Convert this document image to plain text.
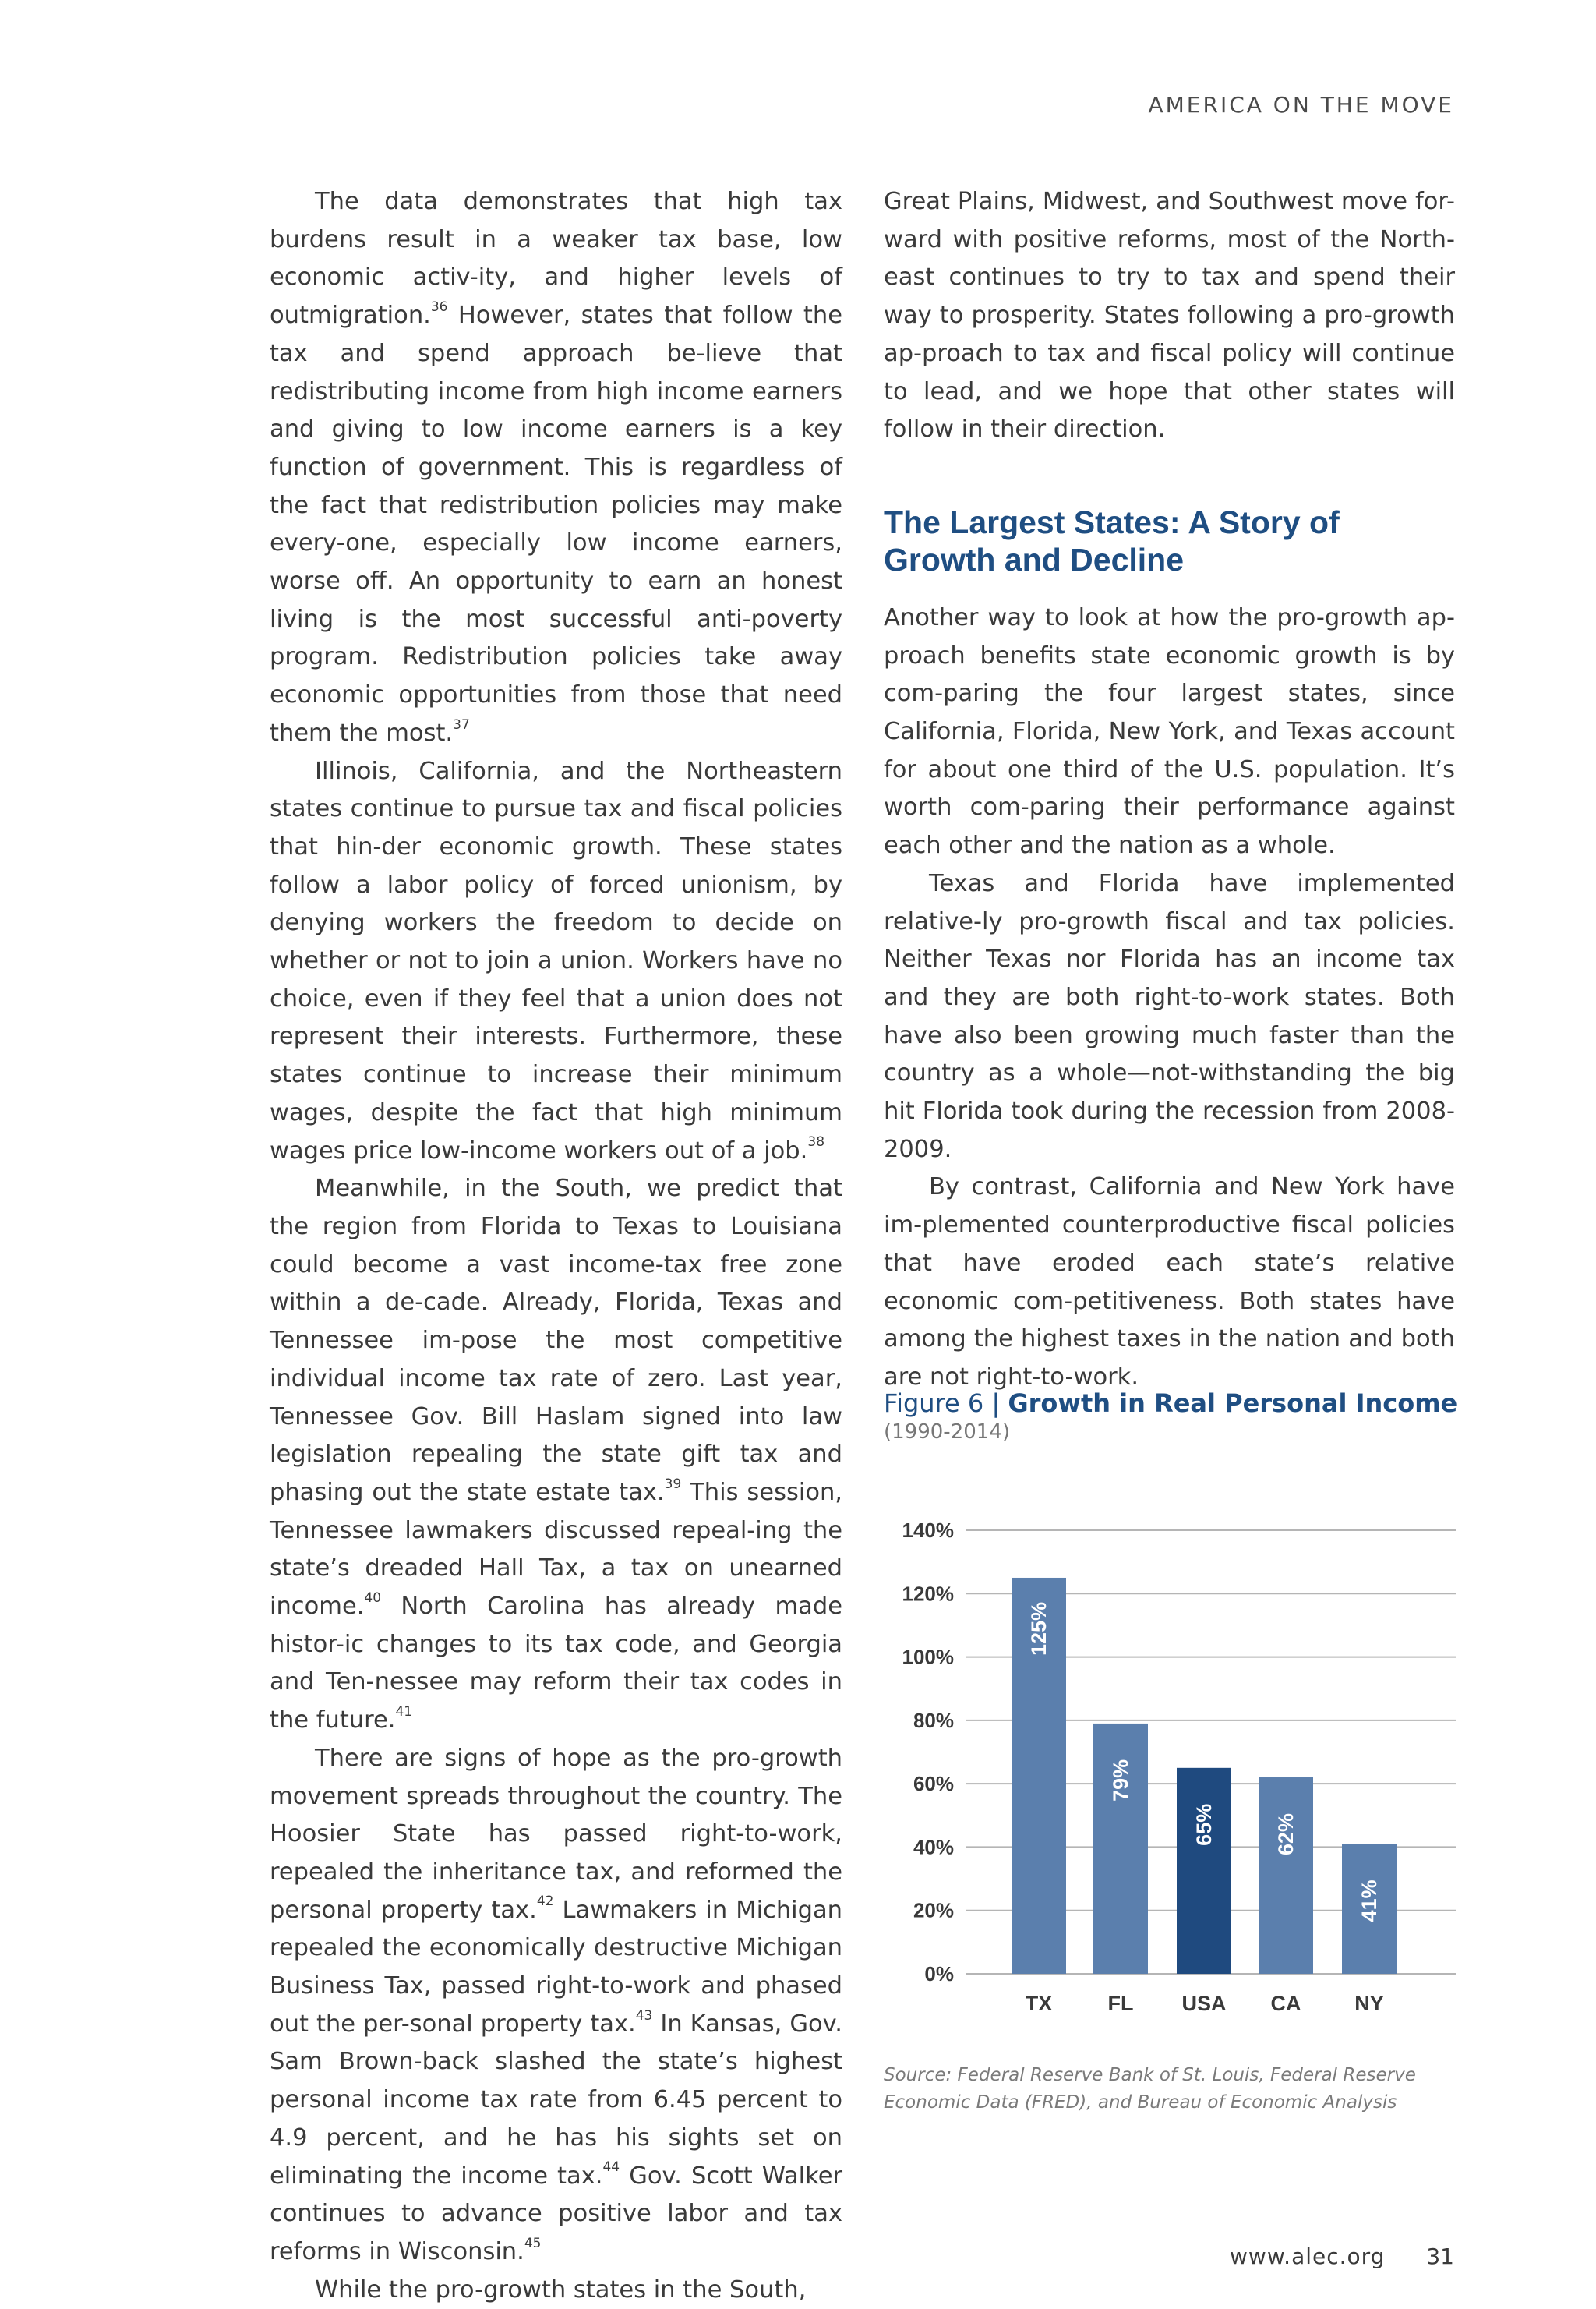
AMERICA ON THE MOVE

The data demonstrates that high tax burdens result in a weaker tax base, low economic activ-ity, and higher levels of outmigration.$^{36}$ However, states that follow the tax and spend approach be-lieve that redistributing income from high income earners and giving to low income earners is a key function of government. This is regardless of the fact that redistribution policies may make every-one, especially low income earners, worse off. An opportunity to earn an honest living is the most successful anti-poverty program. Redistribution policies take away economic opportunities from those that need them the most.$^{37}$

Illinois, California, and the Northeastern states continue to pursue tax and fiscal policies that hin-der economic growth. These states follow a labor policy of forced unionism, by denying workers the freedom to decide on whether or not to join a union. Workers have no choice, even if they feel that a union does not represent their interests. Furthermore, these states continue to increase their minimum wages, despite the fact that high minimum wages price low-income workers out of a job.$^{38}$

Meanwhile, in the South, we predict that the region from Florida to Texas to Louisiana could become a vast income-tax free zone within a de-cade. Already, Florida, Texas and Tennessee im-pose the most competitive individual income tax rate of zero. Last year, Tennessee Gov. Bill Haslam signed into law legislation repealing the state gift tax and phasing out the state estate tax.$^{39}$ This session, Tennessee lawmakers discussed repeal-ing the state’s dreaded Hall Tax, a tax on unearned income.$^{40}$ North Carolina has already made histor-ic changes to its tax code, and Georgia and Ten-nessee may reform their tax codes in the future.$^{41}$

There are signs of hope as the pro-growth movement spreads throughout the country. The Hoosier State has passed right-to-work, repealed the inheritance tax, and reformed the personal property tax.$^{42}$ Lawmakers in Michigan repealed the economically destructive Michigan Business Tax, passed right-to-work and phased out the per-sonal property tax.$^{43}$ In Kansas, Gov. Sam Brown-back slashed the state’s highest personal income tax rate from 6.45 percent to 4.9 percent, and he has his sights set on eliminating the income tax.$^{44}$ Gov. Scott Walker continues to advance positive labor and tax reforms in Wisconsin.$^{45}$

While the pro-growth states in the South,

Great Plains, Midwest, and Southwest move for-ward with positive reforms, most of the North-east continues to try to tax and spend their way to prosperity. States following a pro-growth ap-proach to tax and fiscal policy will continue to lead, and we hope that other states will follow in their direction.

The Largest States: A Story of Growth and Decline

Another way to look at how the pro-growth ap-proach benefits state economic growth is by com-paring the four largest states, since California, Florida, New York, and Texas account for about one third of the U.S. population. It’s worth com-paring their performance against each other and the nation as a whole.

Texas and Florida have implemented relative-ly pro-growth fiscal and tax policies. Neither Texas nor Florida has an income tax and they are both right-to-work states. Both have also been growing much faster than the country as a whole—not-withstanding the big hit Florida took during the recession from 2008-2009.

By contrast, California and New York have im-plemented counterproductive fiscal policies that have eroded each state’s relative economic com-petitiveness. Both states have among the highest taxes in the nation and both are not right-to-work.

Figure 6 | Growth in Real Personal Income
(1990-2014)
0%
20%
40%
60%
80%
100%
120%
140%
125%
TX
79%
FL
65%
USA
62%
CA
41%
NY
Source: Federal Reserve Bank of St. Louis, Federal Reserve Economic Data (FRED), and Bureau of Economic Analysis
www.alec.org 31
